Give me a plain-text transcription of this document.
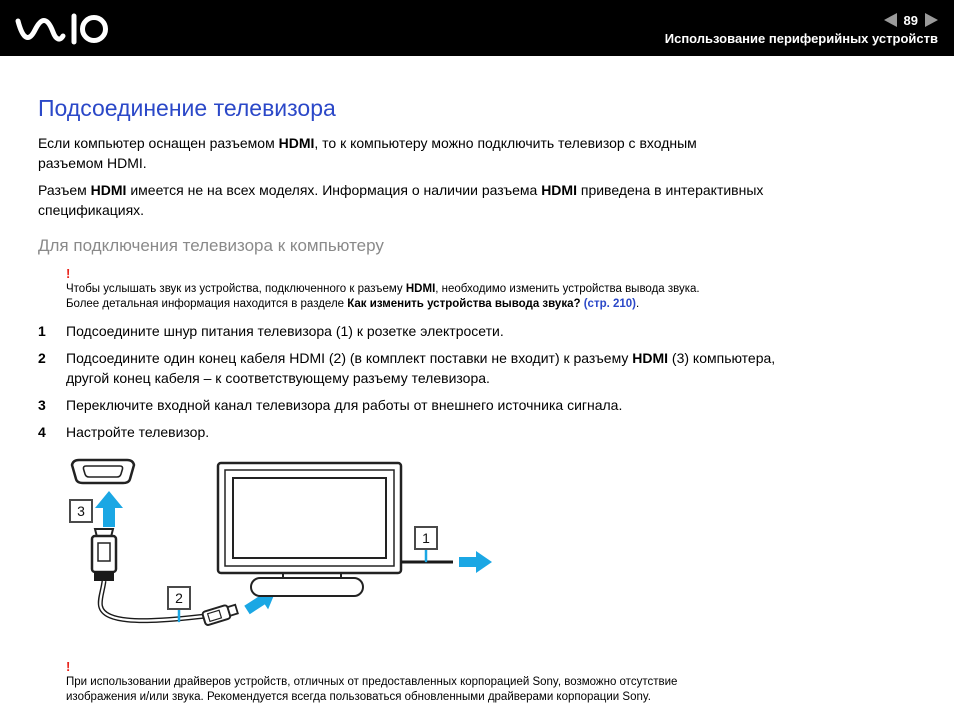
89
Использование периферийных устройств
Подсоединение телевизора

Если компьютер оснащен разъемом HDMI, то к компьютеру можно подключить телевизор с входным
разъемом HDMI.

Разъем HDMI имеется не на всех моделях. Информация о наличии разъема HDMI приведена в интерактивных
спецификациях.

Для подключения телевизора к компьютеру
!
Чтобы услышать звук из устройства, подключенного к разъему HDMI, необходимо изменить устройства вывода звука.
Более детальная информация находится в разделе Как изменить устройства вывода звука? (стр. 210).
1	Подсоедините шнур питания телевизора (1) к розетке электросети.
2	Подсоедините один конец кабеля HDMI (2) (в комплект поставки не входит) к разъему HDMI (3) компьютера,
другой конец кабеля – к соответствующему разъему телевизора.
3	Переключите входной канал телевизора для работы от внешнего источника сигнала.
4	Настройте телевизор.
3
2
1
!
При использовании драйверов устройств, отличных от предоставленных корпорацией Sony, возможно отсутствие
изображения и/или звука. Рекомендуется всегда пользоваться обновленными драйверами корпорации Sony.
